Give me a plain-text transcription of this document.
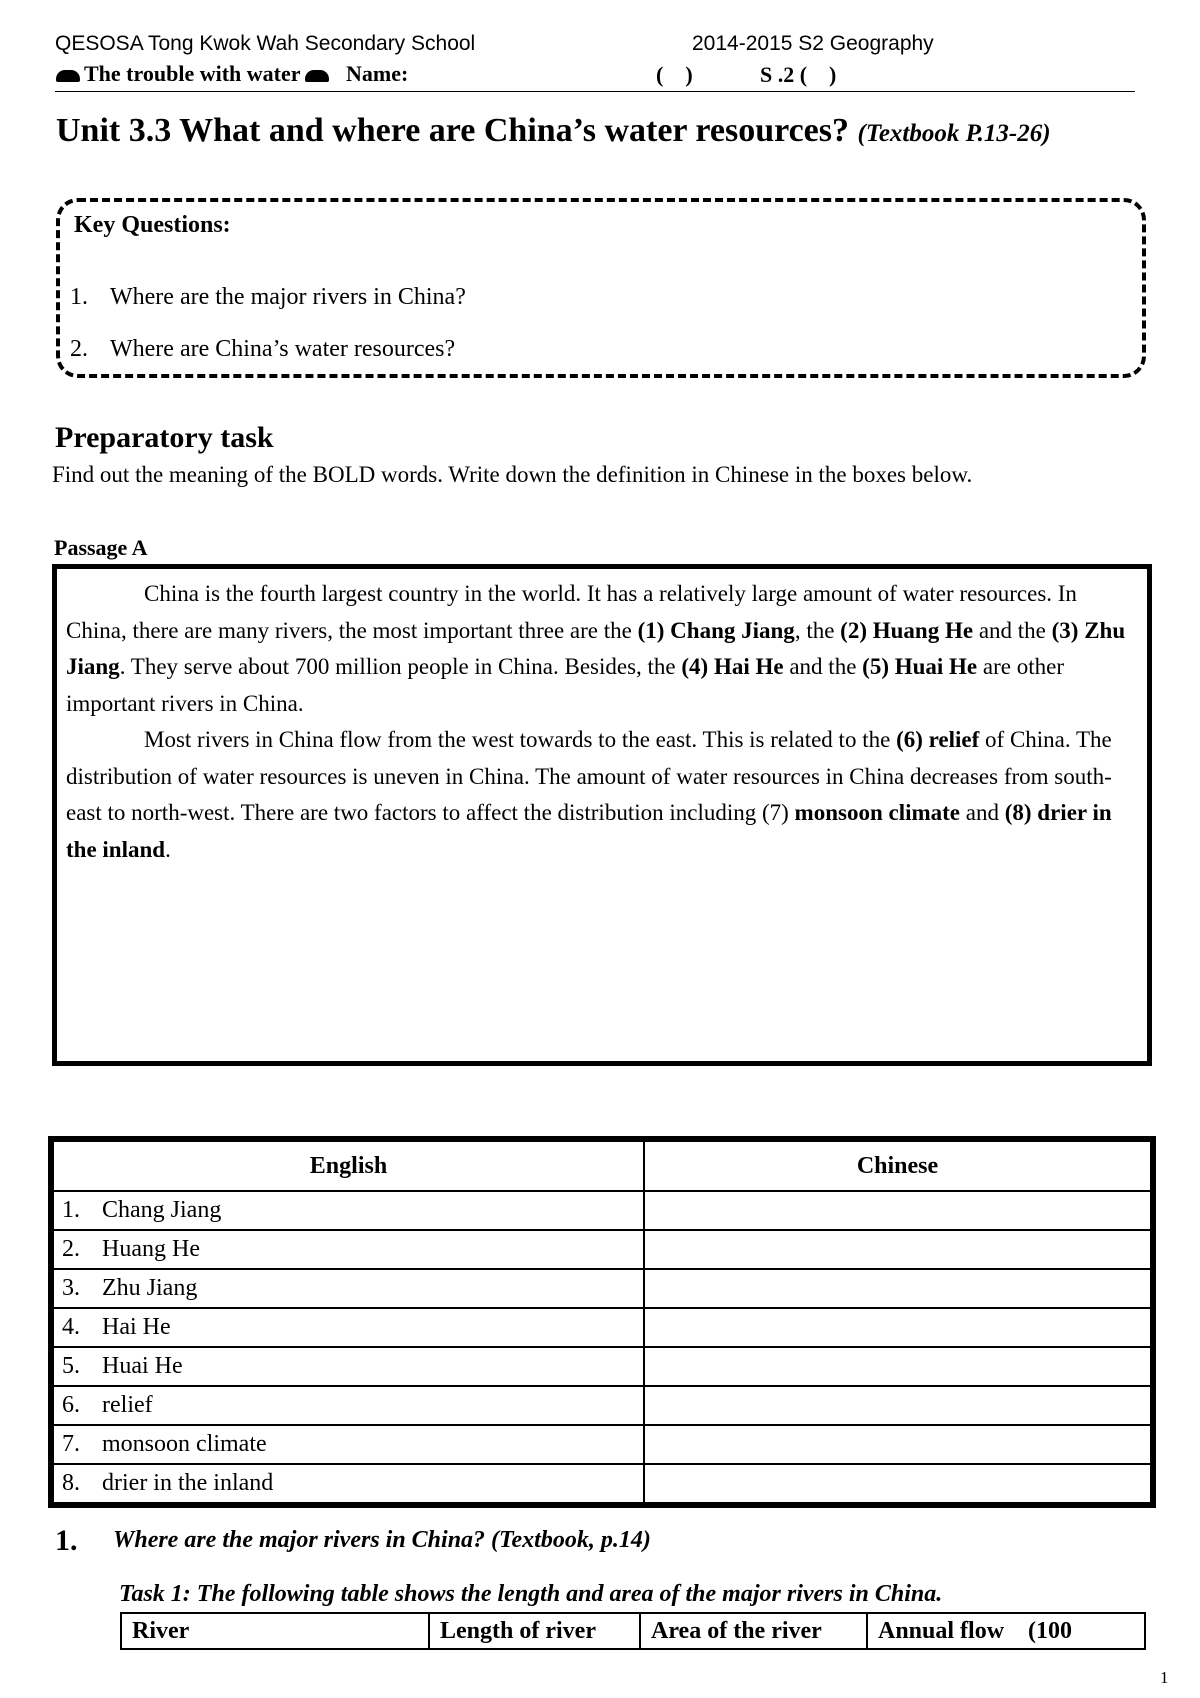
QESOSA Tong Kwok Wah Secondary School	2014-2015 S2 Geography
The trouble with water Name:	(    )	S .2 (    )
Unit 3.3 What and where are China’s water resources? (Textbook P.13-26)
Key Questions:
1. Where are the major rivers in China?
2. Where are China’s water resources?
Preparatory task
Find out the meaning of the BOLD words. Write down the definition in Chinese in the boxes below.
Passage A

China is the fourth largest country in the world. It has a relatively large amount of water resources. In China, there are many rivers, the most important three are the (1) Chang Jiang, the (2) Huang He and the (3) Zhu Jiang. They serve about 700 million people in China. Besides, the (4) Hai He and the (5) Huai He are other important rivers in China.

Most rivers in China flow from the west towards to the east. This is related to the (6) relief of China. The distribution of water resources is uneven in China. The amount of water resources in China decreases from south-east to north-west. There are two factors to affect the distribution including (7) monsoon climate and (8) drier in the inland.

English	Chinese
1. Chang Jiang	
2. Huang He	
3. Zhu Jiang	
4. Hai He	
5. Huai He	
6. relief	
7. monsoon climate	
8. drier in the inland	
1. Where are the major rivers in China? (Textbook, p.14)
Task 1: The following table shows the length and area of the major rivers in China.
River	Length of river	Area of the river	Annual flow    (100
1
